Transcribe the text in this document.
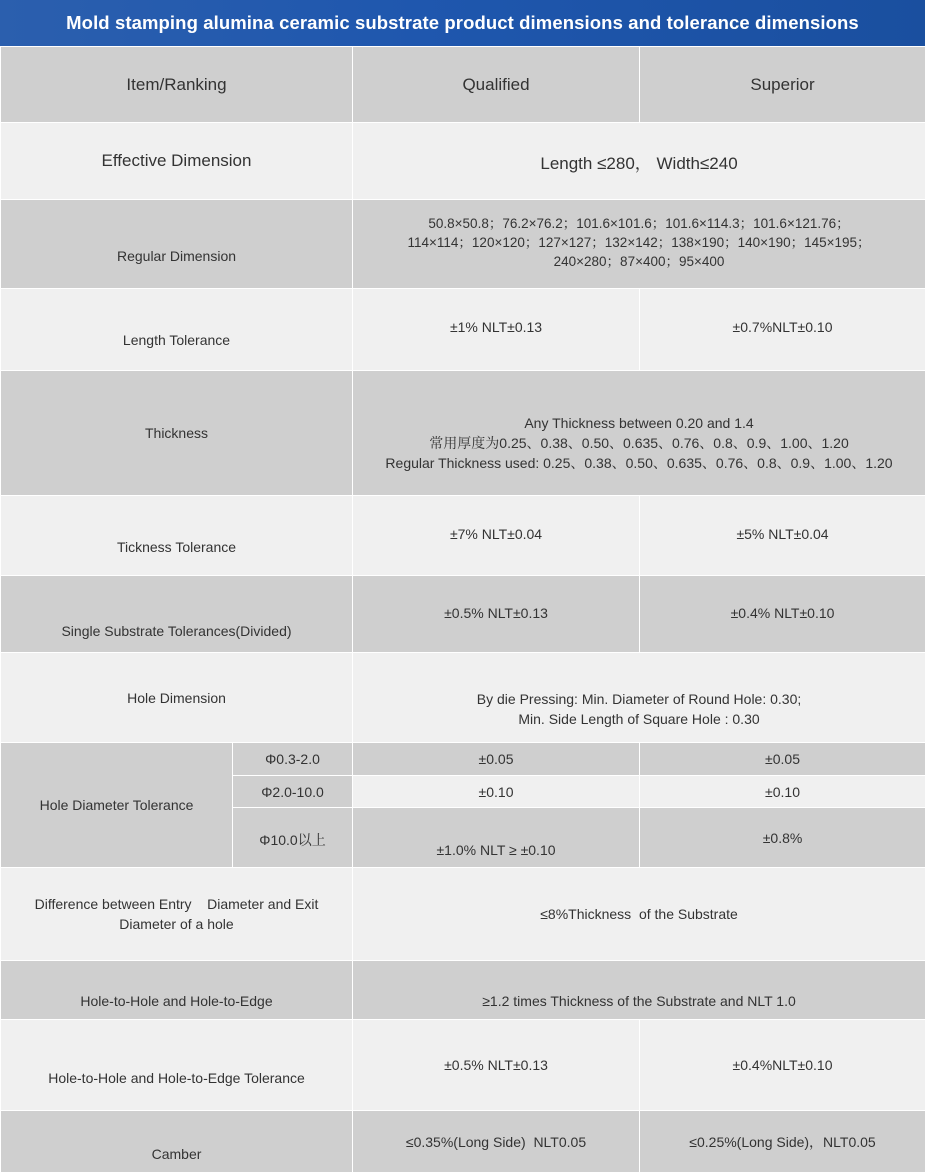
Mold stamping alumina ceramic substrate product dimensions and tolerance dimensions
Item/Ranking		Qualified	Superior
Effective Dimension		Length ≤280， Width≤240	
Regular Dimension		50.8×50.8；76.2×76.2；101.6×101.6；101.6×114.3；101.6×121.76；
114×114；120×120；127×127；132×142；138×190；140×190；145×195；
240×280；87×400；95×400	

Length Tolerance		±1% NLT±0.13	±0.7%NLT±0.10
Thickness		Any Thickness between 0.20 and 1.4
常用厚度为0.25、0.38、0.50、0.635、0.76、0.8、0.9、1.00、1.20
Regular Thickness used: 0.25、0.38、0.50、0.635、0.76、0.8、0.9、1.00、1.20	

Tickness Tolerance		±7% NLT±0.04	±5% NLT±0.04
Single Substrate Tolerances(Divided)		±0.5% NLT±0.13	±0.4% NLT±0.10
Hole Dimension		By die Pressing: Min. Diameter of Round Hole: 0.30;
Min. Side Length of Square Hole : 0.30	

Hole Diameter Tolerance	Φ0.3-2.0	±0.05	±0.05
	Φ2.0-10.0	±0.10	±0.10
	Φ10.0以上	±1.0% NLT ≥ ±0.10	±0.8%

Difference between Entry    Diameter and Exit
Diameter of a hole		≤8%Thickness  of the Substrate	
Hole-to-Hole and Hole-to-Edge		≥1.2 times Thickness of the Substrate and NLT 1.0	
Hole-to-Hole and Hole-to-Edge Tolerance		±0.5% NLT±0.13	±0.4%NLT±0.10
Camber		≤0.35%(Long Side)  NLT0.05	≤0.25%(Long Side)，NLT0.05
